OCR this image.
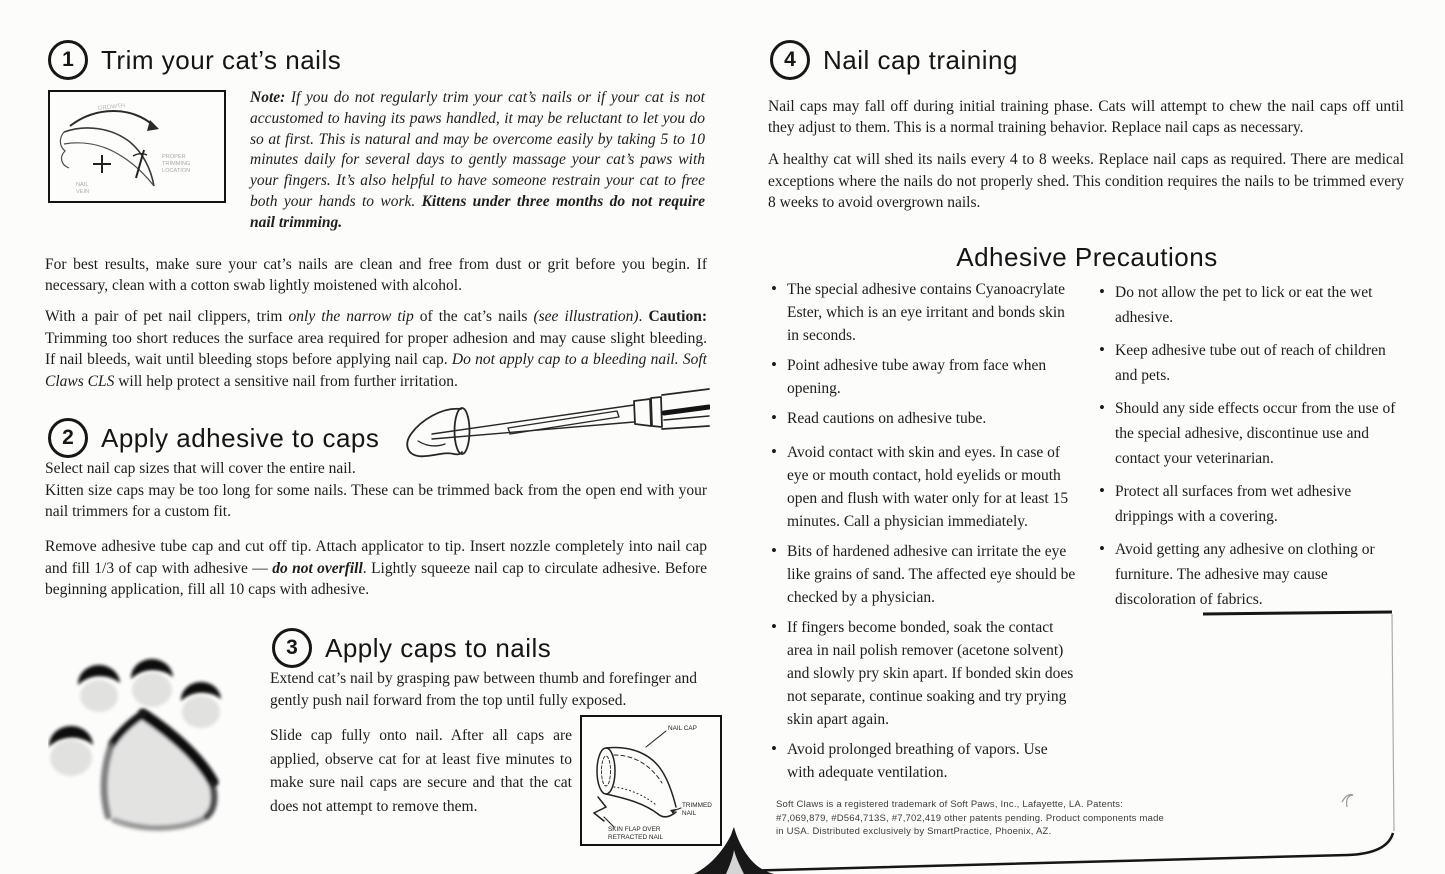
1	Trim your cat’s nails
GROWTH
PROPER
TRIMMING
LOCATION
NAIL
VEIN

Note: If you do not regularly trim your cat’s nails or if your cat is not accustomed to having its paws handled, it may be reluctant to let you do so at first. This is natural and may be overcome easily by taking 5 to 10 minutes daily for several days to gently massage your cat’s paws with your fingers. It’s also helpful to have someone restrain your cat to free both your hands to work. Kittens under three months do not require nail trimming.

For best results, make sure your cat’s nails are clean and free from dust or grit before you begin. If necessary, clean with a cotton swab lightly moistened with alcohol.

With a pair of pet nail clippers, trim only the narrow tip of the cat’s nails (see illustration). Caution: Trimming too short reduces the surface area required for proper adhesion and may cause slight bleeding. If nail bleeds, wait until bleeding stops before applying nail cap. Do not apply cap to a bleeding nail. Soft Claws CLS will help protect a sensitive nail from further irritation.

2	Apply adhesive to caps

Select nail cap sizes that will cover the entire nail.

Kitten size caps may be too long for some nails. These can be trimmed back from the open end with your nail trimmers for a custom fit.

Remove adhesive tube cap and cut off tip. Attach applicator to tip. Insert nozzle completely into nail cap and fill 1/3 of cap with adhesive — do not overfill. Lightly squeeze nail cap to circulate adhesive. Before beginning application, fill all 10 caps with adhesive.

3	Apply caps to nails

Extend cat’s nail by grasping paw between thumb and forefinger and gently push nail forward from the top until fully exposed.

Slide cap fully onto nail. After all caps are applied, observe cat for at least five minutes to make sure nail caps are secure and that the cat does not attempt to remove them.

NAIL CAP
TRIMMED
NAIL
SKIN FLAP OVER
RETRACTED NAIL
4	Nail cap training

Nail caps may fall off during initial training phase. Cats will attempt to chew the nail caps off until they adjust to them. This is a normal training behavior. Replace nail caps as necessary.

A healthy cat will shed its nails every 4 to 8 weeks. Replace nail caps as required. There are medical exceptions where the nails do not properly shed. This condition requires the nails to be trimmed every 8 weeks to avoid overgrown nails.

Adhesive Precautions
• The special adhesive contains Cyanoacrylate Ester, which is an eye irritant and bonds skin in seconds.
• Point adhesive tube away from face when opening.
• Read cautions on adhesive tube.
• Avoid contact with skin and eyes. In case of eye or mouth contact, hold eyelids or mouth open and flush with water only for at least 15 minutes. Call a physician immediately.
• Bits of hardened adhesive can irritate the eye like grains of sand. The affected eye should be checked by a physician.
• If fingers become bonded, soak the contact area in nail polish remover (acetone solvent) and slowly pry skin apart. If bonded skin does not separate, continue soaking and try prying skin apart again.
• Avoid prolonged breathing of vapors. Use with adequate ventilation.
• Do not allow the pet to lick or eat the wet adhesive.
• Keep adhesive tube out of reach of children and pets.
• Should any side effects occur from the use of the special adhesive, discontinue use and contact your veterinarian.
• Protect all surfaces from wet adhesive drippings with a covering.
• Avoid getting any adhesive on clothing or furniture. The adhesive may cause discoloration of fabrics.

Soft Claws is a registered trademark of Soft Paws, Inc., Lafayette, LA. Patents: #7,069,879, #D564,713S, #7,702,419 other patents pending. Product components made in USA. Distributed exclusively by SmartPractice, Phoenix, AZ.
